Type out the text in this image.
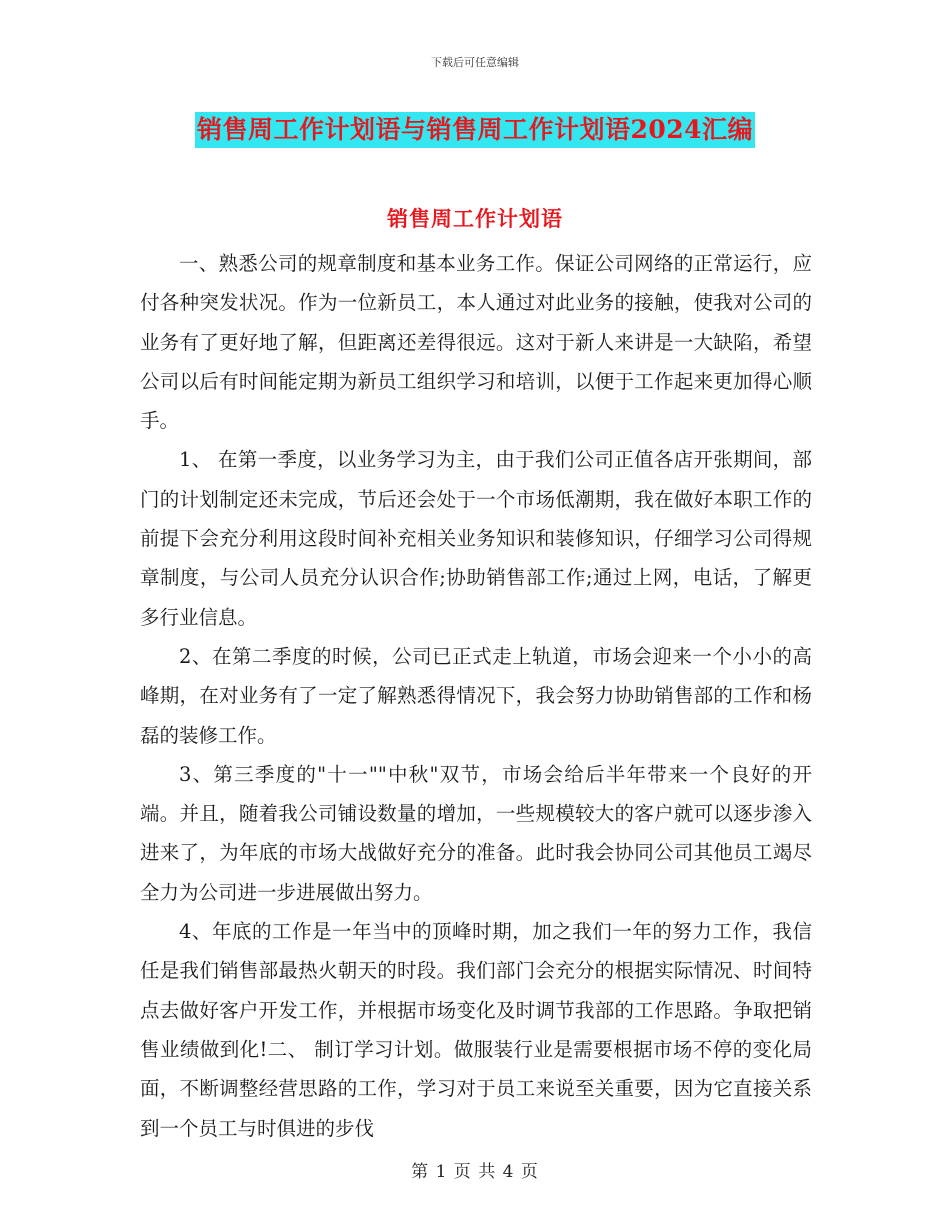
下载后可任意编辑
销售周工作计划语与销售周工作计划语2024汇编
销售周工作计划语

一、熟悉公司的规章制度和基本业务工作。保证公司网络的正常运行，应付各种突发状况。作为一位新员工，本人通过对此业务的接触，使我对公司的业务有了更好地了解，但距离还差得很远。这对于新人来讲是一大缺陷，希望公司以后有时间能定期为新员工组织学习和培训，以便于工作起来更加得心顺手。

1、 在第一季度，以业务学习为主，由于我们公司正值各店开张期间，部门的计划制定还未完成，节后还会处于一个市场低潮期，我在做好本职工作的前提下会充分利用这段时间补充相关业务知识和装修知识，仔细学习公司得规章制度，与公司人员充分认识合作;协助销售部工作;通过上网，电话，了解更多行业信息。

2、在第二季度的时候，公司已正式走上轨道，市场会迎来一个小小的高峰期，在对业务有了一定了解熟悉得情况下，我会努力协助销售部的工作和杨磊的装修工作。

3、第三季度的"十一""中秋"双节，市场会给后半年带来一个良好的开端。并且，随着我公司铺设数量的增加，一些规模较大的客户就可以逐步渗入进来了，为年底的市场大战做好充分的准备。此时我会协同公司其他员工竭尽全力为公司进一步进展做出努力。

4、年底的工作是一年当中的顶峰时期，加之我们一年的努力工作，我信任是我们销售部最热火朝天的时段。我们部门会充分的根据实际情况、时间特点去做好客户开发工作，并根据市场变化及时调节我部的工作思路。争取把销售业绩做到化!二、 制订学习计划。做服装行业是需要根据市场不停的变化局面，不断调整经营思路的工作，学习对于员工来说至关重要，因为它直接关系到一个员工与时俱进的步伐

第 1 页 共 4 页
